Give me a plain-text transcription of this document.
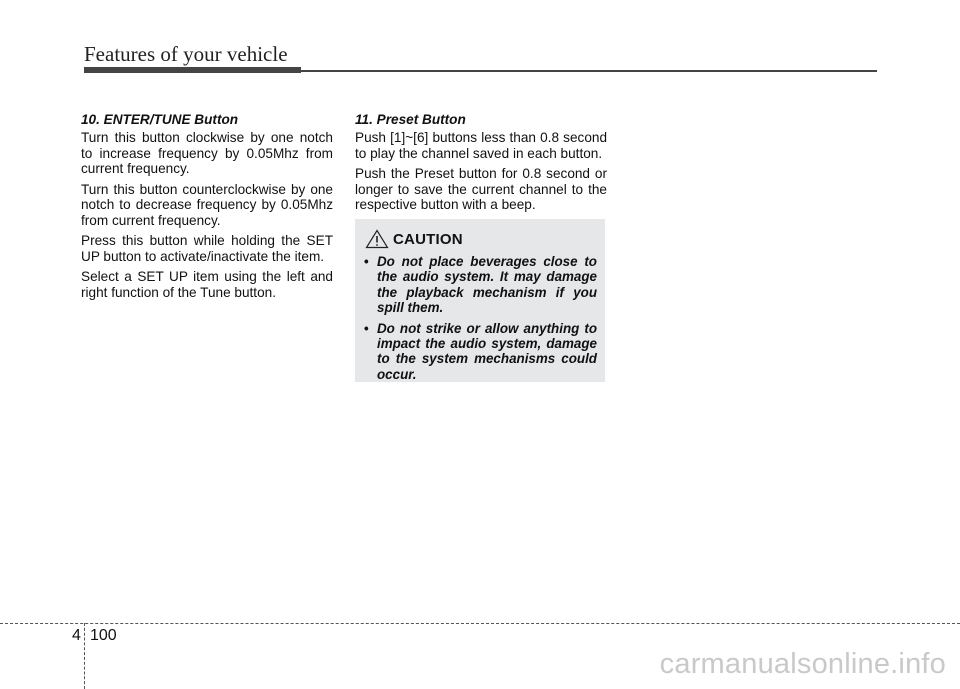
Features of your vehicle
10. ENTER/TUNE Button

Turn this button clockwise by one notch to increase frequency by 0.05Mhz from current frequency.

Turn this button counterclockwise by one notch to decrease frequency by 0.05Mhz from current frequency.

Press this button while holding the SET UP button to activate/inactivate the item.

Select a SET UP item using the left and right function of the Tune button.

11. Preset Button

Push [1]~[6] buttons less than 0.8 second to play the channel saved in each button.

Push the Preset button for 0.8 second or longer to save the current channel to the respective button with a beep.

CAUTION
• Do not place beverages close to the audio system. It may damage the playback mechanism if you spill them.
• Do not strike or allow anything to impact the audio system, damage to the system mechanisms could occur.
4 100
carmanualsonline.info
